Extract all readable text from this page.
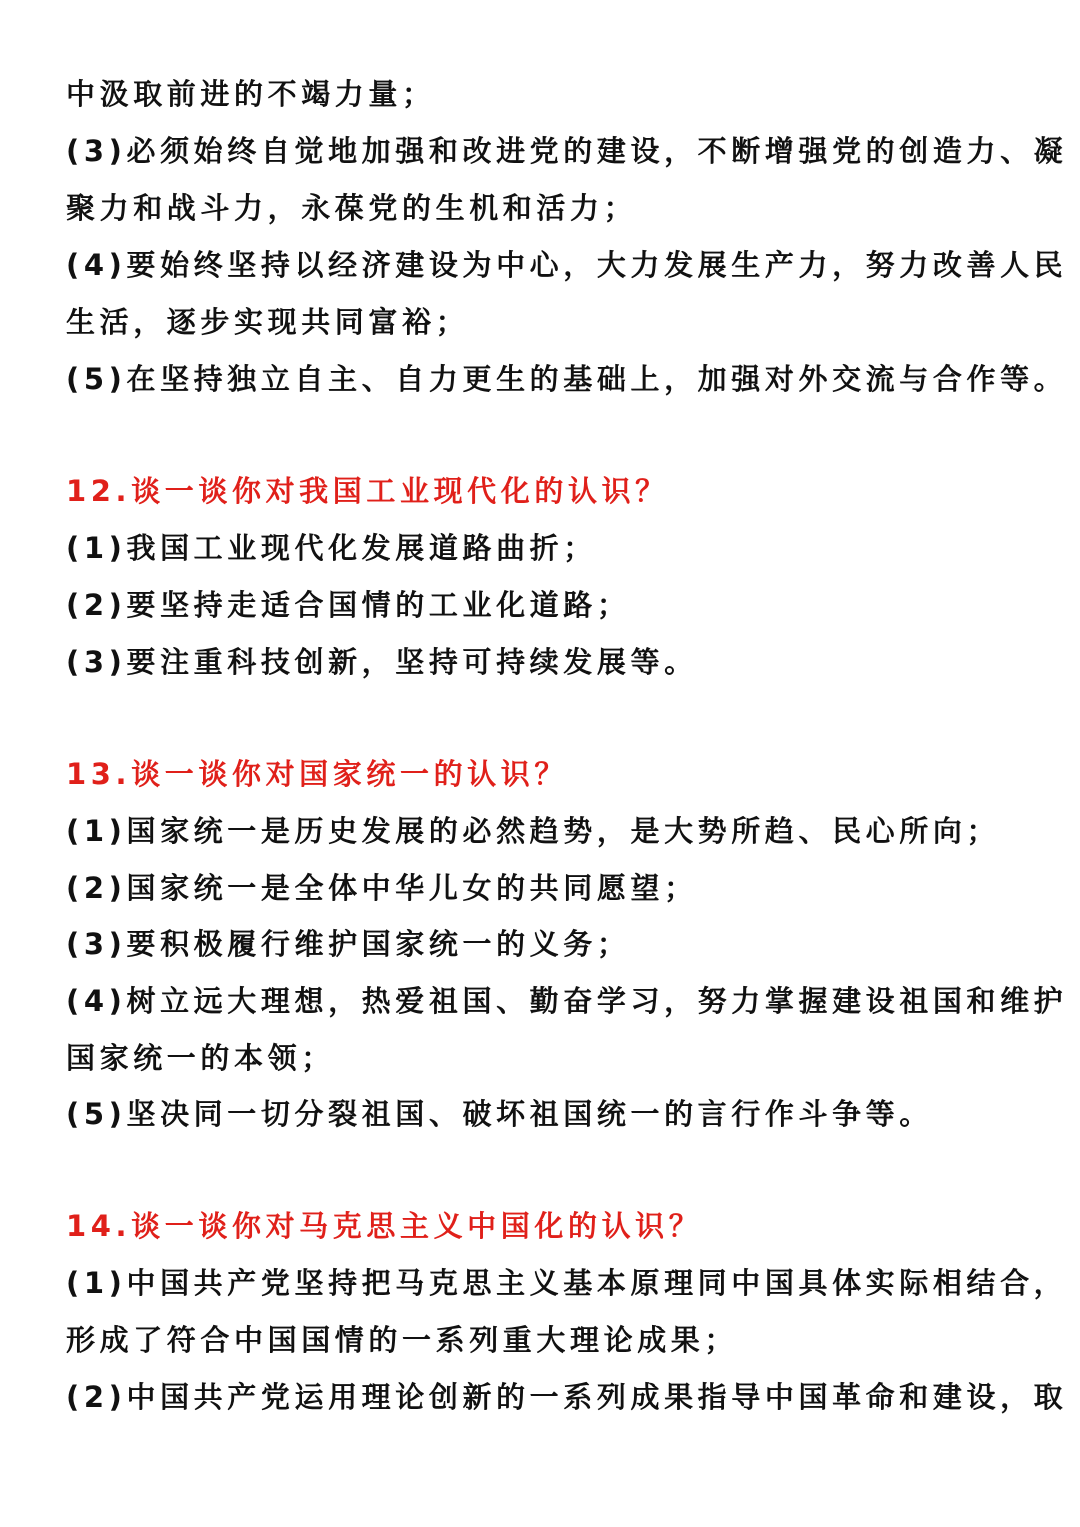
中汲取前进的不竭力量；
(3)必须始终自觉地加强和改进党的建设，不断增强党的创造力、凝
聚力和战斗力，永葆党的生机和活力；
(4)要始终坚持以经济建设为中心，大力发展生产力，努力改善人民
生活，逐步实现共同富裕；
(5)在坚持独立自主、自力更生的基础上，加强对外交流与合作等。
12.谈一谈你对我国工业现代化的认识？
(1)我国工业现代化发展道路曲折；
(2)要坚持走适合国情的工业化道路；
(3)要注重科技创新，坚持可持续发展等。
13.谈一谈你对国家统一的认识？
(1)国家统一是历史发展的必然趋势，是大势所趋、民心所向；
(2)国家统一是全体中华儿女的共同愿望；
(3)要积极履行维护国家统一的义务；
(4)树立远大理想，热爱祖国、勤奋学习，努力掌握建设祖国和维护
国家统一的本领；
(5)坚决同一切分裂祖国、破坏祖国统一的言行作斗争等。
14.谈一谈你对马克思主义中国化的认识？
(1)中国共产党坚持把马克思主义基本原理同中国具体实际相结合，
形成了符合中国国情的一系列重大理论成果；
(2)中国共产党运用理论创新的一系列成果指导中国革命和建设，取
